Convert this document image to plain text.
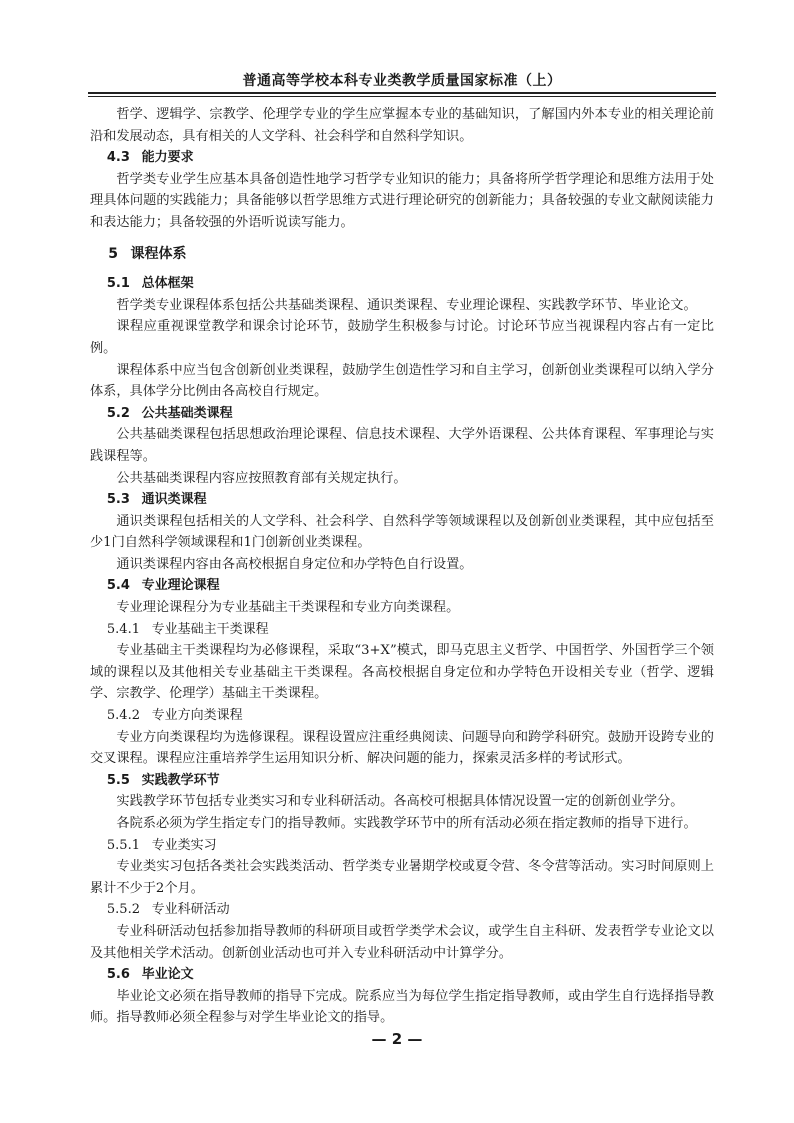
普通高等学校本科专业类教学质量国家标准（上）
哲学、逻辑学、宗教学、伦理学专业的学生应掌握本专业的基础知识，了解国内外本专业的相关理论前沿和发展动态，具有相关的人文学科、社会科学和自然科学知识。
4.3 能力要求
哲学类专业学生应基本具备创造性地学习哲学专业知识的能力；具备将所学哲学理论和思维方法用于处理具体问题的实践能力；具备能够以哲学思维方式进行理论研究的创新能力；具备较强的专业文献阅读能力和表达能力；具备较强的外语听说读写能力。
5 课程体系
5.1 总体框架
哲学类专业课程体系包括公共基础类课程、通识类课程、专业理论课程、实践教学环节、毕业论文。
课程应重视课堂教学和课余讨论环节，鼓励学生积极参与讨论。讨论环节应当视课程内容占有一定比例。
课程体系中应当包含创新创业类课程，鼓励学生创造性学习和自主学习，创新创业类课程可以纳入学分体系，具体学分比例由各高校自行规定。
5.2 公共基础类课程
公共基础类课程包括思想政治理论课程、信息技术课程、大学外语课程、公共体育课程、军事理论与实践课程等。
公共基础类课程内容应按照教育部有关规定执行。
5.3 通识类课程
通识类课程包括相关的人文学科、社会科学、自然科学等领域课程以及创新创业类课程，其中应包括至少1门自然科学领域课程和1门创新创业类课程。
通识类课程内容由各高校根据自身定位和办学特色自行设置。
5.4 专业理论课程
专业理论课程分为专业基础主干类课程和专业方向类课程。
5.4.1 专业基础主干类课程
专业基础主干类课程均为必修课程，采取“3+X”模式，即马克思主义哲学、中国哲学、外国哲学三个领域的课程以及其他相关专业基础主干类课程。各高校根据自身定位和办学特色开设相关专业（哲学、逻辑学、宗教学、伦理学）基础主干类课程。
5.4.2 专业方向类课程
专业方向类课程均为选修课程。课程设置应注重经典阅读、问题导向和跨学科研究。鼓励开设跨专业的交叉课程。课程应注重培养学生运用知识分析、解决问题的能力，探索灵活多样的考试形式。
5.5 实践教学环节
实践教学环节包括专业类实习和专业科研活动。各高校可根据具体情况设置一定的创新创业学分。
各院系必须为学生指定专门的指导教师。实践教学环节中的所有活动必须在指定教师的指导下进行。
5.5.1 专业类实习
专业类实习包括各类社会实践类活动、哲学类专业暑期学校或夏令营、冬令营等活动。实习时间原则上累计不少于2个月。
5.5.2 专业科研活动
专业科研活动包括参加指导教师的科研项目或哲学类学术会议，或学生自主科研、发表哲学专业论文以及其他相关学术活动。创新创业活动也可并入专业科研活动中计算学分。
5.6 毕业论文
毕业论文必须在指导教师的指导下完成。院系应当为每位学生指定指导教师，或由学生自行选择指导教师。指导教师必须全程参与对学生毕业论文的指导。
— 2 —
